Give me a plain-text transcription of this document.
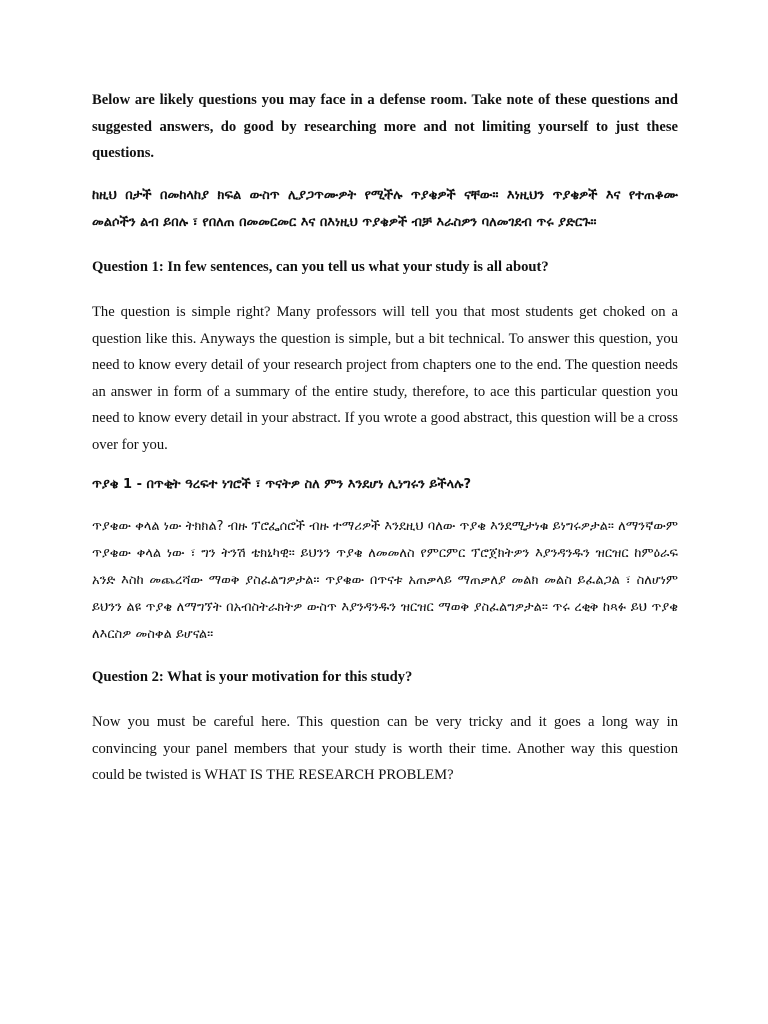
Below are likely questions you may face in a defense room. Take note of these questions and suggested answers, do good by researching more and not limiting yourself to just these questions.

ከዚህ በታች በመከላከያ ክፍል ውስጥ ሊያጋጥሙዎት የሚችሉ ጥያቄዎች ናቸው። እነዚህን ጥያቄዎች እና የተጠቆሙ መልሶችን ልብ ይበሉ ፣ የበለጠ በመመርመር እና በእነዚህ ጥያቄዎች ብቻ እራስዎን ባለመገደብ ጥሩ ያድርጉ።

Question 1: In few sentences, can you tell us what your study is all about?

The question is simple right? Many professors will tell you that most students get choked on a question like this. Anyways the question is simple, but a bit technical. To answer this question, you need to know every detail of your research project from chapters one to the end. The question needs an answer in form of a summary of the entire study, therefore, to ace this particular question you need to know every detail in your abstract. If you wrote a good abstract, this question will be a cross over for you.

ጥያቄ 1 - በጥቂት ዓረፍተ ነገሮች ፣ ጥናትዎ ስለ ምን እንደሆነ ሊነግሩን ይችላሉ?

ጥያቄው ቀላል ነው ትክክል? ብዙ ፕሮፌሰሮች ብዙ ተማሪዎች እንደዚህ ባለው ጥያቄ እንደሚታነቁ ይነግሩዎታል። ለማንኛውም ጥያቄው ቀላል ነው ፣ ግን ትንሽ ቴክኒካዊ። ይህንን ጥያቄ ለመመለስ የምርምር ፕሮጀክትዎን እያንዳንዱን ዝርዝር ከምዕራፍ አንድ እስከ መጨረሻው ማወቅ ያስፈልግዎታል። ጥያቄው በጥናቱ አጠቃላይ ማጠቃለያ መልክ መልስ ይፈልጋል ፣ ስለሆነም ይህንን ልዩ ጥያቄ ለማግኘት በአብስትራክትዎ ውስጥ እያንዳንዱን ዝርዝር ማወቅ ያስፈልግዎታል። ጥሩ ረቂቅ ከጻፉ ይህ ጥያቄ ለእርስዎ መስቀል ይሆናል።

Question 2: What is your motivation for this study?

Now you must be careful here. This question can be very tricky and it goes a long way in convincing your panel members that your study is worth their time. Another way this question could be twisted is WHAT IS THE RESEARCH PROBLEM?
